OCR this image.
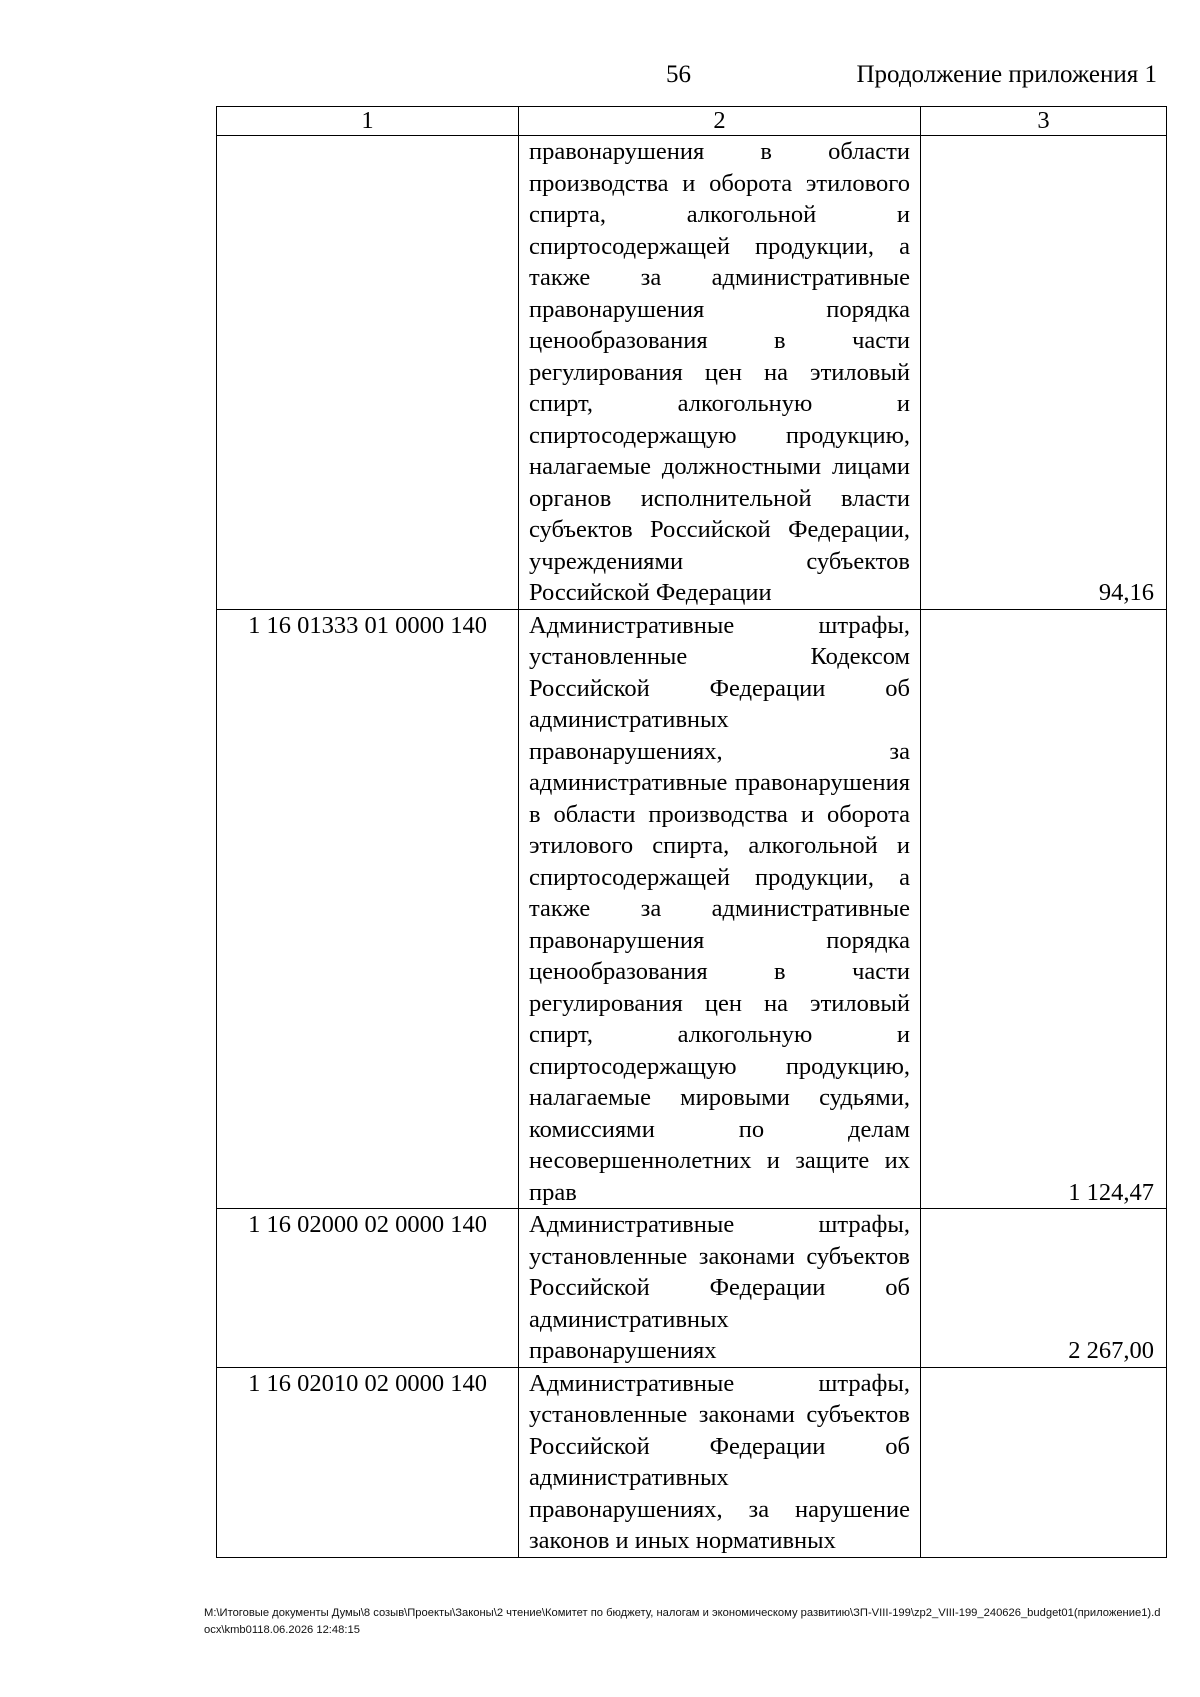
56	Продолжение приложения 1
1	2	3
	правонарушения в области производства и оборота этилового спирта, алкогольной и спиртосодержащей продукции, а также за административные правонарушения порядка ценообразования в части регулирования цен на этиловый спирт, алкогольную и спиртосодержащую продукцию, налагаемые должностными лицами органов исполнительной власти субъектов Российской Федерации, учреждениями субъектов Российской Федерации	94,16
1 16 01333 01 0000 140	Административные штрафы, установленные Кодексом Российской Федерации об административных правонарушениях, за административные правонарушения в области производства и оборота этилового спирта, алкогольной и спиртосодержащей продукции, а также за административные правонарушения порядка ценообразования в части регулирования цен на этиловый спирт, алкогольную и спиртосодержащую продукцию, налагаемые мировыми судьями, комиссиями по делам несовершеннолетних и защите их прав	1 124,47
1 16 02000 02 0000 140	Административные штрафы, установленные законами субъектов Российской Федерации об административных правонарушениях	2 267,00
1 16 02010 02 0000 140	Административные штрафы, установленные законами субъектов Российской Федерации об административных правонарушениях, за нарушение законов и иных нормативных	
M:\Итоговые документы Думы\8 созыв\Проекты\Законы\2 чтение\Комитет по бюджету, налогам и экономическому развитию\ЗП-VIII-199\zp2_VIII-199_240626_budget01(приложение1).docx\kmb0118.06.2026 12:48:15
